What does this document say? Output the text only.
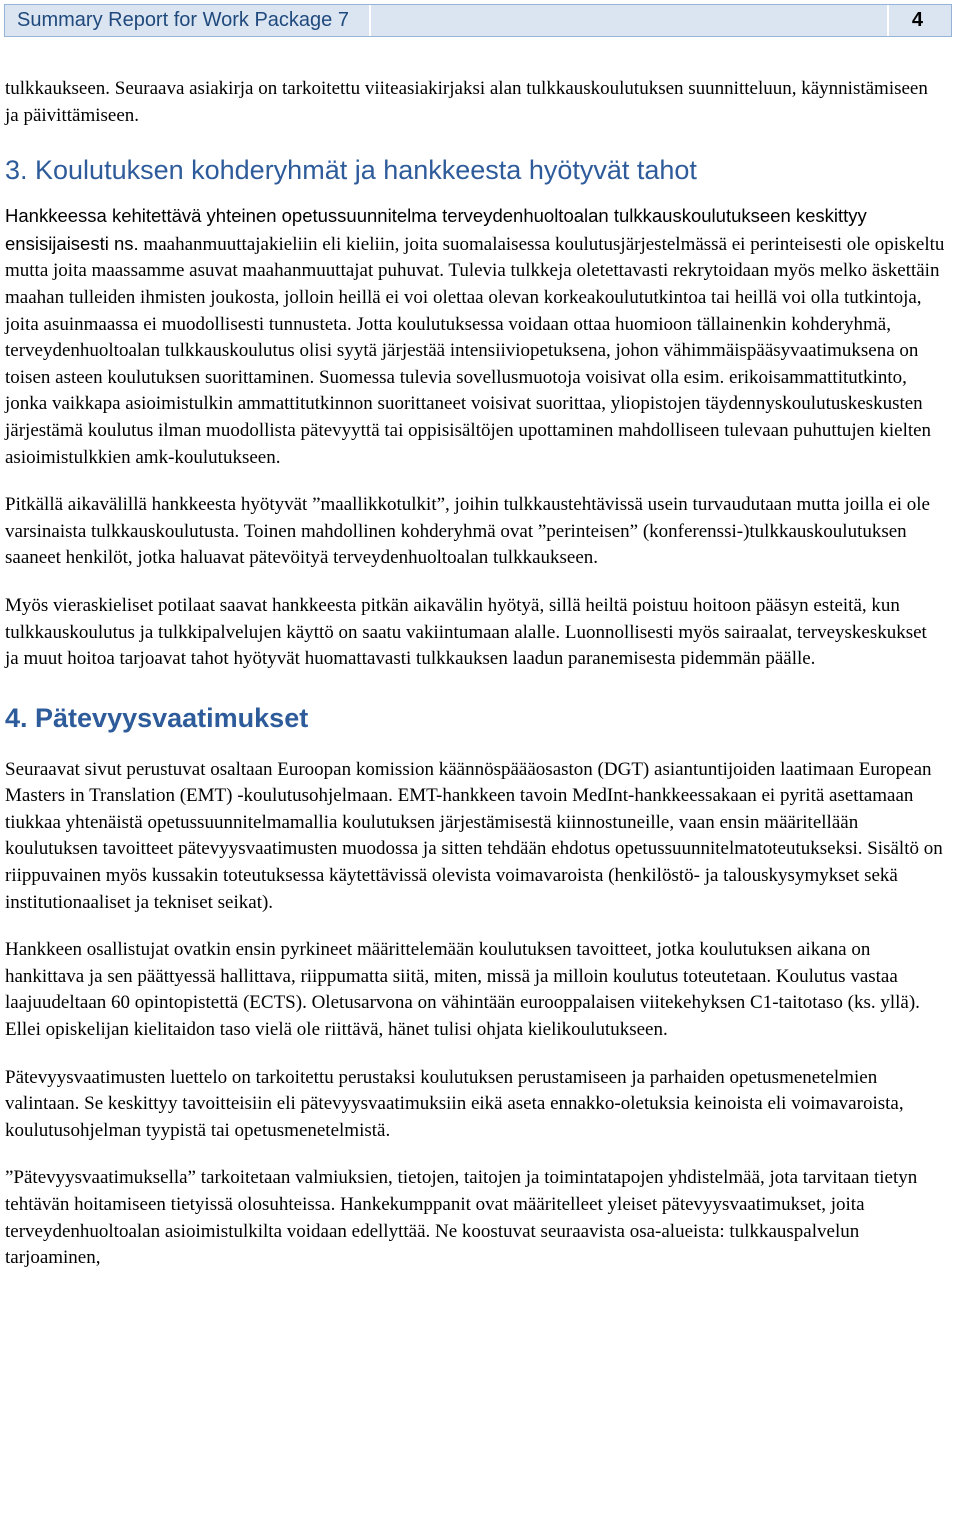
Summary Report for Work Package 7	4

tulkkaukseen. Seuraava asiakirja on tarkoitettu viiteasiakirjaksi alan tulkkauskoulutuksen suunnitteluun, käynnistämiseen ja päivittämiseen.

3. Koulutuksen kohderyhmät ja hankkeesta hyötyvät tahot

Hankkeessa kehitettävä yhteinen opetussuunnitelma terveydenhuoltoalan tulkkauskoulutukseen keskittyy ensisijaisesti ns. maahanmuuttajakieliin eli kieliin, joita suomalaisessa koulutusjärjestelmässä ei perinteisesti ole opiskeltu mutta joita maassamme asuvat maahanmuuttajat puhuvat. Tulevia tulkkeja oletettavasti rekrytoidaan myös melko äskettäin maahan tulleiden ihmisten joukosta, jolloin heillä ei voi olettaa olevan korkeakoulututkintoa tai heillä voi olla tutkintoja, joita asuinmaassa ei muodollisesti tunnusteta. Jotta koulutuksessa voidaan ottaa huomioon tällainenkin kohderyhmä, terveydenhuoltoalan tulkkauskoulutus olisi syytä järjestää intensiiviopetuksena, johon vähimmäispääsyvaatimuksena on toisen asteen koulutuksen suorittaminen. Suomessa tulevia sovellusmuotoja voisivat olla esim. erikoisammattitutkinto, jonka vaikkapa asioimistulkin ammattitutkinnon suorittaneet voisivat suorittaa, yliopistojen täydennyskoulutuskeskusten järjestämä koulutus ilman muodollista pätevyyttä tai oppisisältöjen upottaminen mahdolliseen tulevaan puhuttujen kielten asioimistulkkien amk-koulutukseen.

Pitkällä aikavälillä hankkeesta hyötyvät ”maallikkotulkit”, joihin tulkkaustehtävissä usein turvaudutaan mutta joilla ei ole varsinaista tulkkauskoulutusta. Toinen mahdollinen kohderyhmä ovat ”perinteisen” (konferenssi-)tulkkauskoulutuksen saaneet henkilöt, jotka haluavat pätevöityä terveydenhuoltoalan tulkkaukseen.

Myös vieraskieliset potilaat saavat hankkeesta pitkän aikavälin hyötyä, sillä heiltä poistuu hoitoon pääsyn esteitä, kun tulkkauskoulutus ja tulkkipalvelujen käyttö on saatu vakiintumaan alalle. Luonnollisesti myös sairaalat, terveyskeskukset ja muut hoitoa tarjoavat tahot hyötyvät huomattavasti tulkkauksen laadun paranemisesta pidemmän päälle.

4. Pätevyysvaatimukset

Seuraavat sivut perustuvat osaltaan Euroopan komission käännöspäääosaston (DGT) asiantuntijoiden laatimaan European Masters in Translation (EMT) -koulutusohjelmaan. EMT-hankkeen tavoin MedInt-hankkeessakaan ei pyritä asettamaan tiukkaa yhtenäistä opetussuunnitelmamallia koulutuksen järjestämisestä kiinnostuneille, vaan ensin määritellään koulutuksen tavoitteet pätevyysvaatimusten muodossa ja sitten tehdään ehdotus opetussuunnitelmatoteutukseksi. Sisältö on riippuvainen myös kussakin toteutuksessa käytettävissä olevista voimavaroista (henkilöstö- ja talouskysymykset sekä institutionaaliset ja tekniset seikat).

Hankkeen osallistujat ovatkin ensin pyrkineet määrittelemään koulutuksen tavoitteet, jotka koulutuksen aikana on hankittava ja sen päättyessä hallittava, riippumatta siitä, miten, missä ja milloin koulutus toteutetaan. Koulutus vastaa laajuudeltaan 60 opintopistettä (ECTS). Oletusarvona on vähintään eurooppalaisen viitekehyksen C1-taitotaso (ks. yllä). Ellei opiskelijan kielitaidon taso vielä ole riittävä, hänet tulisi ohjata kielikoulutukseen.

Pätevyysvaatimusten luettelo on tarkoitettu perustaksi koulutuksen perustamiseen ja parhaiden opetusmenetelmien valintaan. Se keskittyy tavoitteisiin eli pätevyysvaatimuksiin eikä aseta ennakko-oletuksia keinoista eli voimavaroista, koulutusohjelman tyypistä tai opetusmenetelmistä.

”Pätevyysvaatimuksella” tarkoitetaan valmiuksien, tietojen, taitojen ja toimintatapojen yhdistelmää, jota tarvitaan tietyn tehtävän hoitamiseen tietyissä olosuhteissa. Hankekumppanit ovat määritelleet yleiset pätevyysvaatimukset, joita terveydenhuoltoalan asioimistulkilta voidaan edellyttää. Ne koostuvat seuraavista osa-alueista: tulkkauspalvelun tarjoaminen,
